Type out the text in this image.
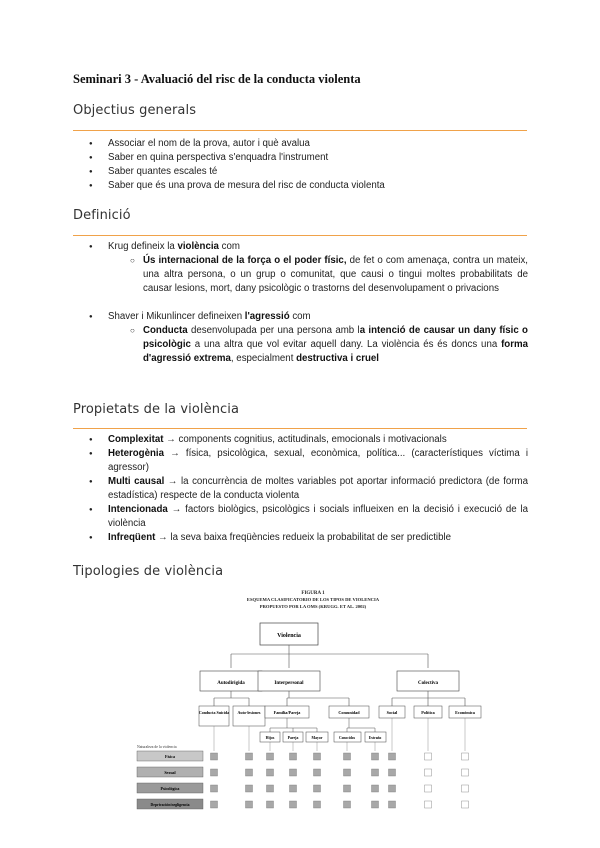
Seminari 3 - Avaluació del risc de la conducta violenta
Objectius generals
● Associar el nom de la prova, autor i què avalua
● Saber en quina perspectiva s'enquadra l'instrument
● Saber quantes escales té
● Saber que és una prova de mesura del risc de conducta violenta
Definició
● Krug defineix la violència com
○ Ús internacional de la força o el poder físic, de fet o com amenaça, contra un mateix, una altra persona, o un grup o comunitat, que causi o tingui moltes probabilitats de causar lesions, mort, dany psicològic o trastorns del desenvolupament o privacions
● Shaver i Mikunlincer defineixen l'agressió com
○ Conducta desenvolupada per una persona amb la intenció de causar un dany físic o psicològic a una altra que vol evitar aquell dany. La violència és és doncs una forma d'agressió extrema, especialment destructiva i cruel
Propietats de la violència
● Complexitat → components cognitius, actitudinals, emocionals i motivacionals
● Heterogènia → física, psicològica, sexual, econòmica, política... (característiques víctima i agressor)
● Multi causal → la concurrència de moltes variables pot aportar informació predictora (de forma estadística) respecte de la conducta violenta
● Intencionada → factors biològics, psicològics i socials influeixen en la decisió i execució de la violència
● Infreqüent → la seva baixa freqüències redueix la probabilitat de ser predictible
Tipologies de violència
FIGURA 1
ESQUEMA CLASIFICATORIO DE LOS TIPOS DE VIOLENCIA
PROPUESTO POR LA OMS (KRUGG. ET AL. 2002)
Violencia
Autodirigida	Interpersonal	Colectiva
Conducta Suicida Auto-lesiones	Familia/Pareja	Comunidad	Social	Política	Económica
Hijos	Pareja	Mayor	Conocidos	Extraño
Naturaleza de la violencia
Física
Sexual
Psicológica
Deprivación/negligencia
